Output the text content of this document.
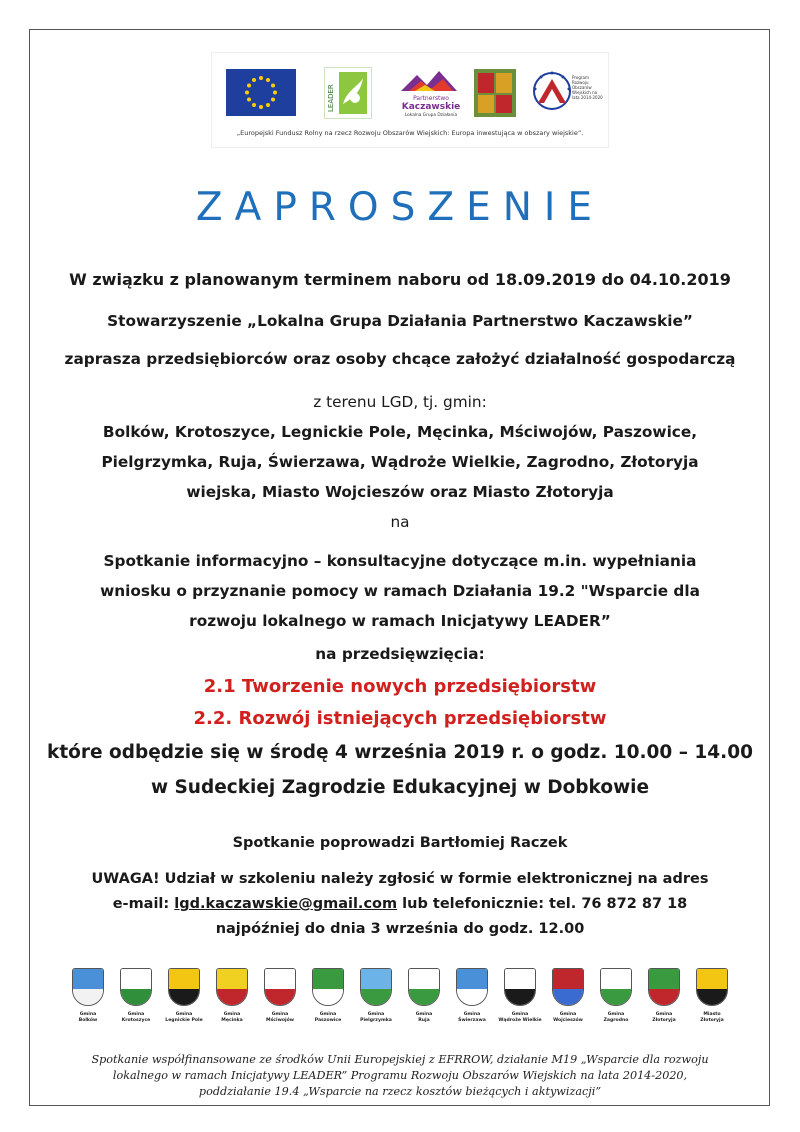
LEADER	Partnerstwo
Kaczawskie
Lokalna Grupa Działania
Program Rozwoju Obszarów Wiejskich na lata 2014-2020
„Europejski Fundusz Rolny na rzecz Rozwoju Obszarów Wiejskich: Europa inwestująca w obszary wiejskie”.
ZAPROSZENIE
W związku z planowanym terminem naboru od 18.09.2019 do 04.10.2019
Stowarzyszenie „Lokalna Grupa Działania Partnerstwo Kaczawskie”
zaprasza przedsiębiorców oraz osoby chcące założyć działalność gospodarczą
z terenu LGD, tj. gmin:
Bolków, Krotoszyce, Legnickie Pole, Męcinka, Mściwojów, Paszowice,
Pielgrzymka, Ruja, Świerzawa, Wądroże Wielkie, Zagrodno, Złotoryja
wiejska, Miasto Wojcieszów oraz Miasto Złotoryja
na
Spotkanie informacyjno – konsultacyjne dotyczące m.in. wypełniania
wniosku o przyznanie pomocy w ramach Działania 19.2 "Wsparcie dla
rozwoju lokalnego w ramach Inicjatywy LEADER”
na przedsięwzięcia:
2.1 Tworzenie nowych przedsiębiorstw
2.2. Rozwój istniejących przedsiębiorstw
które odbędzie się w środę 4 września 2019 r. o godz. 10.00 – 14.00
w Sudeckiej Zagrodzie Edukacyjnej w Dobkowie
Spotkanie poprowadzi Bartłomiej Raczek
UWAGA! Udział w szkoleniu należy zgłosić w formie elektronicznej na adres
e-mail: lgd.kaczawskie@gmail.com lub telefonicznie: tel. 76 872 87 18
najpóźniej do dnia 3 września do godz. 12.00
Gmina
Bolków
Gmina
Krotoszyce
Gmina
Legnickie Pole
Gmina
Męcinka
Gmina
Mściwojów
Gmina
Paszowice
Gmina
Pielgrzymka
Gmina
Ruja
Gmina
Świerzawa
Gmina
Wądroże Wielkie
Gmina
Wojcieszów
Gmina
Zagrodno
Gmina
Złotoryja
Miasto
Złotoryja
Spotkanie współfinansowane ze środków Unii Europejskiej z EFRROW, działanie M19 „Wsparcie dla rozwoju
lokalnego w ramach Inicjatywy LEADER” Programu Rozwoju Obszarów Wiejskich na lata 2014-2020,
poddziałanie 19.4 „Wsparcie na rzecz kosztów bieżących i aktywizacji”
